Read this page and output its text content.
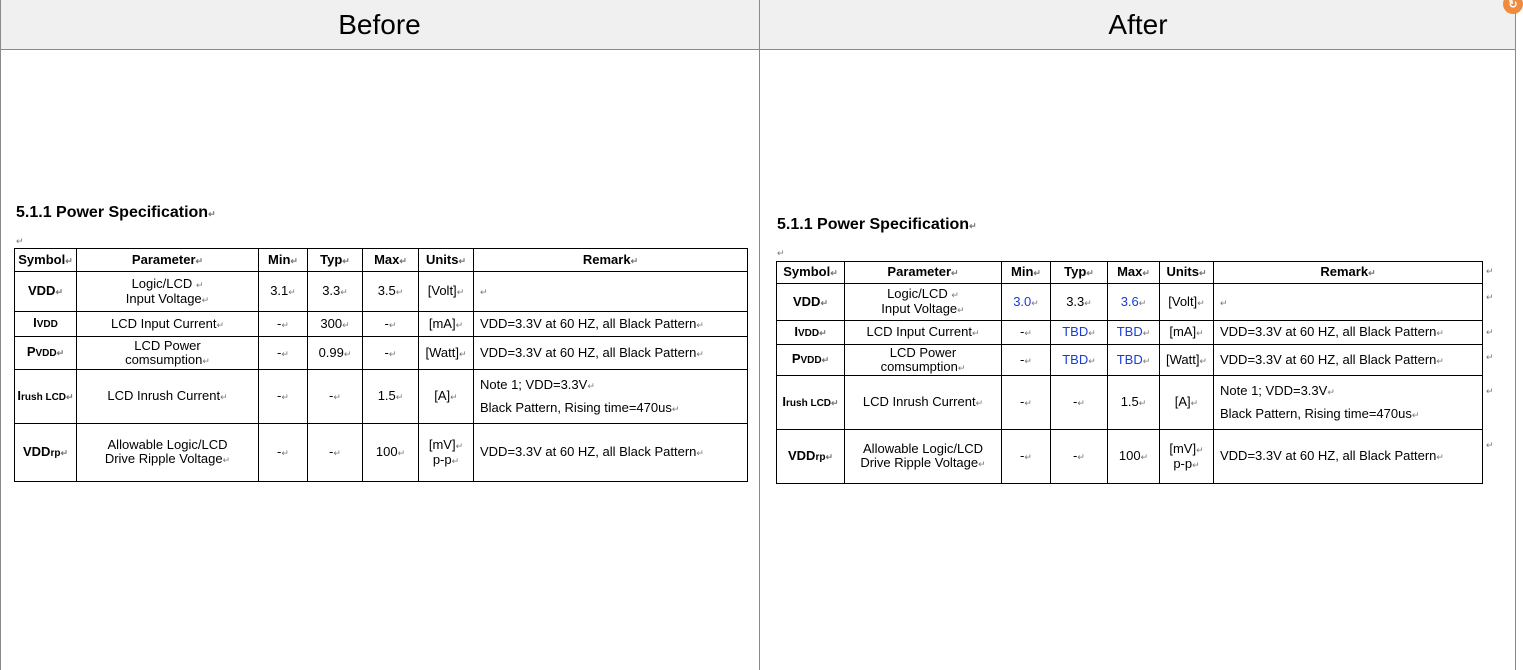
Before	After
↻
5.1.1 Power Specification↵
↵
Symbol↵	Parameter↵	Min↵	Typ↵	Max↵	Units↵	Remark↵
VDD↵	Logic/LCD ↵
Input Voltage↵	3.1↵	3.3↵	3.5↵	[Volt]↵	↵
IVDD	LCD Input Current↵	-↵	300↵	-↵	[mA]↵	VDD=3.3V at 60 HZ, all Black Pattern↵
PVDD↵	LCD Power
comsumption↵	-↵	0.99↵	-↵	[Watt]↵	VDD=3.3V at 60 HZ, all Black Pattern↵
Irush LCD↵	LCD Inrush Current↵	-↵	-↵	1.5↵	[A]↵	Note 1; VDD=3.3V↵
Black Pattern, Rising time=470us↵

VDDrp↵	Allowable Logic/LCD
Drive Ripple Voltage↵	-↵	-↵	100↵	[mV]↵
p-p↵	VDD=3.3V at 60 HZ, all Black Pattern↵
5.1.1 Power Specification↵
↵
Symbol↵	Parameter↵	Min↵	Typ↵	Max↵	Units↵	Remark↵
VDD↵	Logic/LCD ↵
Input Voltage↵	3.0↵	3.3↵	3.6↵	[Volt]↵	↵
IVDD↵	LCD Input Current↵	-↵	TBD↵	TBD↵	[mA]↵	VDD=3.3V at 60 HZ, all Black Pattern↵
PVDD↵	LCD Power
comsumption↵	-↵	TBD↵	TBD↵	[Watt]↵	VDD=3.3V at 60 HZ, all Black Pattern↵
Irush LCD↵	LCD Inrush Current↵	-↵	-↵	1.5↵	[A]↵	Note 1; VDD=3.3V↵
Black Pattern, Rising time=470us↵

VDDrp↵	Allowable Logic/LCD
Drive Ripple Voltage↵	-↵	-↵	100↵	[mV]↵
p-p↵	VDD=3.3V at 60 HZ, all Black Pattern↵
↵
↵
↵
↵
↵
↵
